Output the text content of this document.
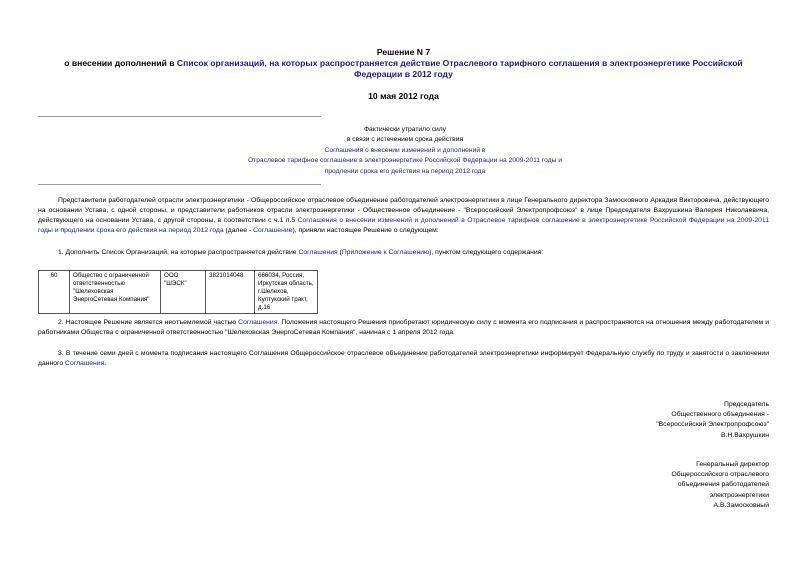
Решение N 7
о внесении дополнений в Список организаций, на которых распространяется действие Отраслевого тарифного соглашения в электроэнергетике Российской Федерации в 2012 году
10 мая 2012 года
Фактически утратило силу
в связи с истечением срока действия
Соглашения о внесении изменений и дополнений в
Отраслевое тарифное соглашение в электроэнергетике Российской Федерации на 2009-2011 годы и
продлении срока его действия на период 2012 года
Представители работодателей отрасли электроэнергетики - Общероссийское отраслевое объединение работодателей электроэнергетики в лице Генерального директора Замосковного Аркадия Викторовича, действующего на основании Устава, с одной стороны, и представители работников отрасли электроэнергетики - Общественное объединение - "Всероссийский Электропрофсоюз" в лице Председателя Вахрушкина Валерия Николаевича, действующего на основании Устава, с другой стороны, в соответствии с ч.1 п.5 Соглашения о внесении изменений и дополнений в Отраслевое тарифное соглашение в электроэнергетике Российской Федерации на 2009-2011 годы и продлении срока его действия на период 2012 года (далее - Соглашение), приняли настоящее Решение о следующем:
1. Дополнить Список Организаций, на которые распространяется действие Соглашения (Приложение к Соглашению), пунктом следующего содержания:
60	Общество с ограниченной ответственностью "Шелеховская ЭнергоСетевая Компания"	ООО "ШЭСК"	3821014048	666034, Россия, Иркутская область, г.Шелехов, Култукский тракт, д.16
2. Настоящее Решение является неотъемлемой частью Соглашения. Положения настоящего Решения приобретают юридическую силу с момента его подписания и распространяются на отношения между работодателем и работниками Общества с ограниченной ответственностью "Шелеховская ЭнергоСетевая Компания", начиная с 1 апреля 2012 года.
3. В течение семи дней с момента подписания настоящего Соглашения Общероссийское отраслевое объединение работодателей электроэнергетики информирует Федеральную службу по труду и занятости о заключении данного Соглашения.
Председатель
Общественного объединения -
"Всероссийский Электропрофсоюз"
В.Н.Вахрушкин
Генеральный директор
Общероссийского отраслевого
объединения работодателей
электроэнергетики
А.В.Замосковный
